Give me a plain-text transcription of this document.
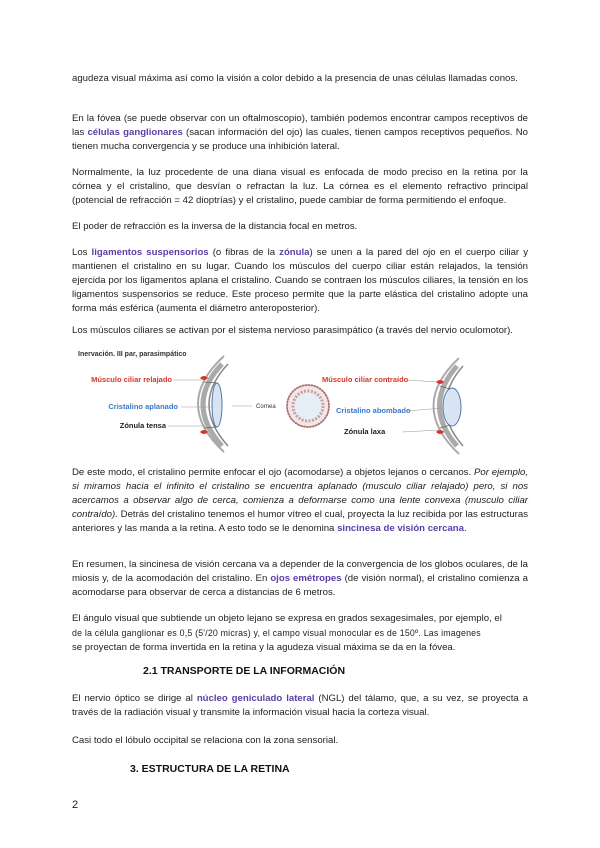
agudeza visual máxima así como la visión a color debido a la presencia de unas células llamadas conos.

En la fóvea (se puede observar con un oftalmoscopio), también podemos encontrar campos receptivos de las células ganglionares (sacan información del ojo) las cuales, tienen campos receptivos pequeños. No tienen mucha convergencia y se produce una inhibición lateral.

Normalmente, la luz procedente de una diana visual es enfocada de modo preciso en la retina por la córnea y el cristalino, que desvían o refractan la luz. La córnea es el elemento refractivo principal (potencial de refracción = 42 dioptrías) y el cristalino, puede cambiar de forma permitiendo el enfoque.

El poder de refracción es la inversa de la distancia focal en metros.

Los ligamentos suspensorios (o fibras de la zónula) se unen a la pared del ojo en el cuerpo ciliar y mantienen el cristalino en su lugar. Cuando los músculos del cuerpo ciliar están relajados, la tensión ejercida por los ligamentos aplana el cristalino. Cuando se contraen los músculos ciliares, la tensión en los ligamentos suspensorios se reduce. Este proceso permite que la parte elástica del cristalino adopte una forma más esférica (aumenta el diámetro anteroposterior).

Los músculos ciliares se activan por el sistema nervioso parasimpático (a través del nervio oculomotor).

Inervación. III par, parasimpático
Músculo ciliar relajado
Cristalino aplanado
Zónula tensa
Cornea
Músculo ciliar contraído
Cristalino abombado
Zónula laxa

De este modo, el cristalino permite enfocar el ojo (acomodarse) a objetos lejanos o cercanos. Por ejemplo, si miramos hacia el infinito el cristalino se encuentra aplanado (musculo ciliar relajado) pero, si nos acercamos a observar algo de cerca, comienza a deformarse como una lente convexa (musculo ciliar contraído). Detrás del cristalino tenemos el humor vítreo el cual, proyecta la luz recibida por las estructuras anteriores y las manda a la retina. A esto todo se le denomina sincinesa de visión cercana.

En resumen, la sincinesa de visión cercana va a depender de la convergencia de los globos oculares, de la miosis y, de la acomodación del cristalino. En ojos emétropes (de visión normal), el cristalino comienza a acomodarse para observar de cerca a distancias de 6 metros.

El ángulo visual que subtiende un objeto lejano se expresa en grados sexagesimales, por ejemplo, el
de la célula ganglionar es 0,5 (5'/20 micras) y, el campo visual monocular es de 150º. Las imagenes
se proyectan de forma invertida en la retina y la agudeza visual máxima se da en la fóvea.

2.1 TRANSPORTE DE LA INFORMACIÓN

El nervio óptico se dirige al núcleo geniculado lateral (NGL) del tálamo, que, a su vez, se proyecta a través de la radiación visual y transmite la información visual hacia la corteza visual.

Casi todo el lóbulo occipital se relaciona con la zona sensorial.

3. ESTRUCTURA DE LA RETINA
2
